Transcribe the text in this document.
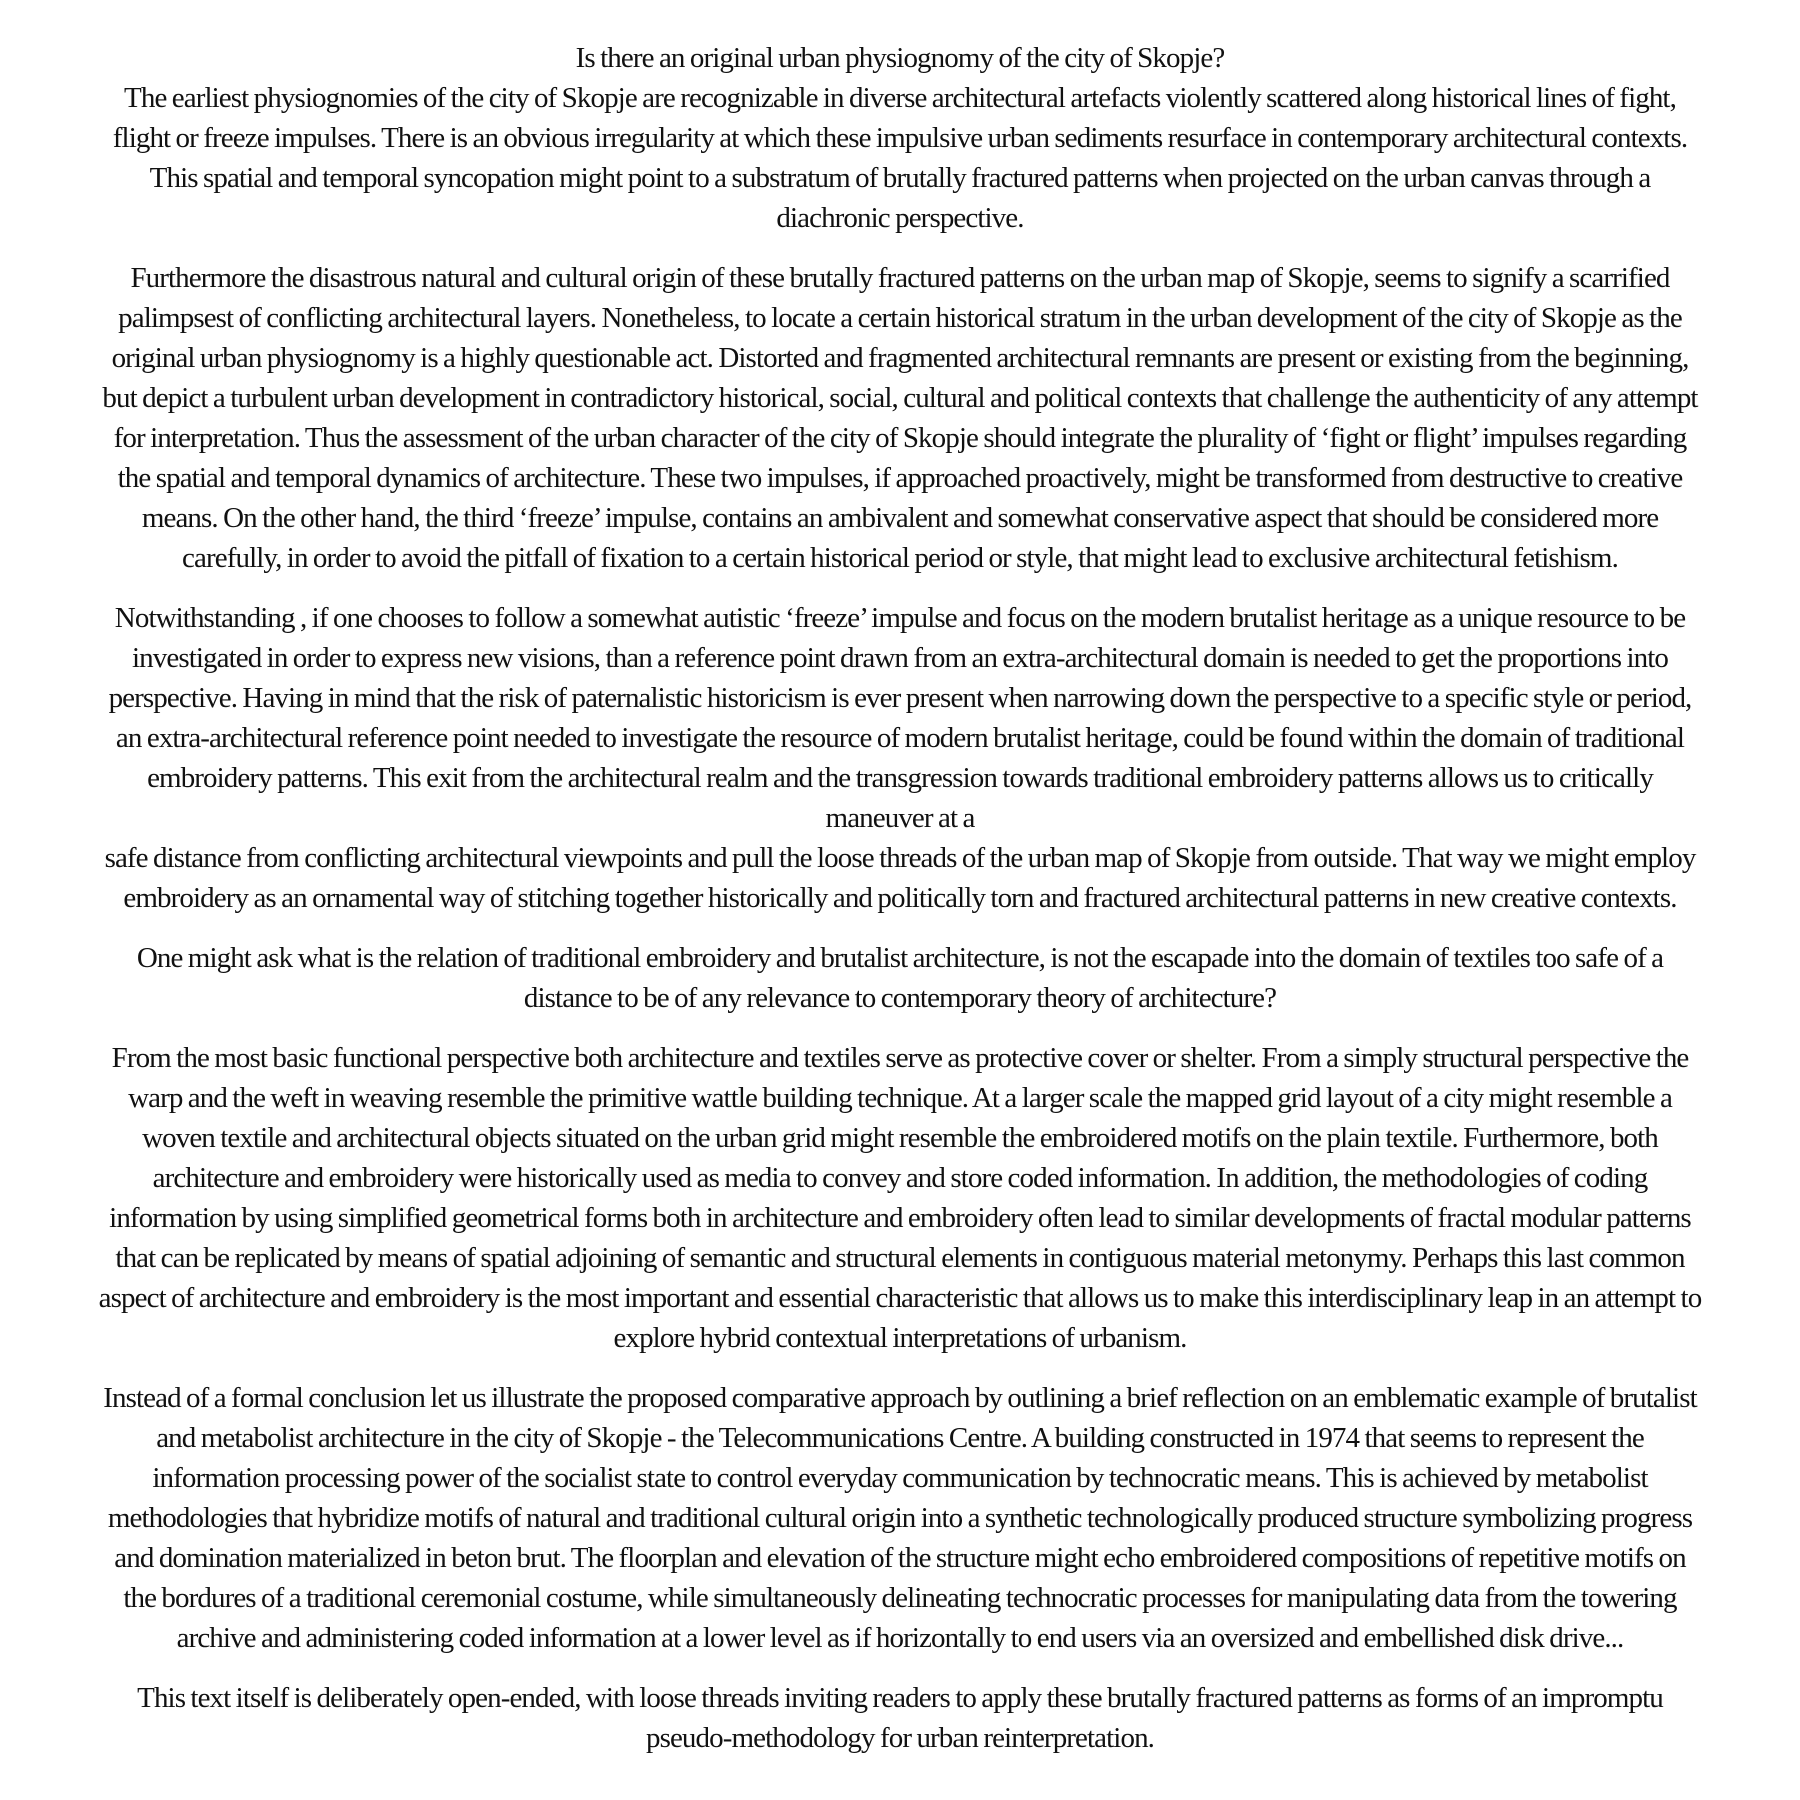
Is there an original urban physiognomy of the city of Skopje?
The earliest physiognomies of the city of Skopje are recognizable in diverse architectural artefacts violently scattered along historical lines of fight,
flight or freeze impulses. There is an obvious irregularity at which these impulsive urban sediments resurface in contemporary architectural contexts.
This spatial and temporal syncopation might point to a substratum of brutally fractured patterns when projected on the urban canvas through a
diachronic perspective.

Furthermore the disastrous natural and cultural origin of these brutally fractured patterns on the urban map of Skopje, seems to signify a scarrified
palimpsest of conflicting architectural layers. Nonetheless, to locate a certain historical stratum in the urban development of the city of Skopje as the
original urban physiognomy is a highly questionable act. Distorted and fragmented architectural remnants are present or existing from the beginning,
but depict a turbulent urban development in contradictory historical, social, cultural and political contexts that challenge the authenticity of any attempt
for interpretation. Thus the assessment of the urban character of the city of Skopje should integrate the plurality of ‘fight or flight’ impulses regarding
the spatial and temporal dynamics of architecture. These two impulses, if approached proactively, might be transformed from destructive to creative
means. On the other hand, the third ‘freeze’ impulse, contains an ambivalent and somewhat conservative aspect that should be considered more
carefully, in order to avoid the pitfall of fixation to a certain historical period or style, that might lead to exclusive architectural fetishism.

Notwithstanding , if one chooses to follow a somewhat autistic ‘freeze’ impulse and focus on the modern brutalist heritage as a unique resource to be
investigated in order to express new visions, than a reference point drawn from an extra-architectural domain is needed to get the proportions into
perspective. Having in mind that the risk of paternalistic historicism is ever present when narrowing down the perspective to a specific style or period,
an extra-architectural reference point needed to investigate the resource of modern brutalist heritage, could be found within the domain of traditional
embroidery patterns. This exit from the architectural realm and the transgression towards traditional embroidery patterns allows us to critically
maneuver at a
safe distance from conflicting architectural viewpoints and pull the loose threads of the urban map of Skopje from outside. That way we might employ
embroidery as an ornamental way of stitching together historically and politically torn and fractured architectural patterns in new creative contexts.

One might ask what is the relation of traditional embroidery and brutalist architecture, is not the escapade into the domain of textiles too safe of a
distance to be of any relevance to contemporary theory of architecture?

From the most basic functional perspective both architecture and textiles serve as protective cover or shelter. From a simply structural perspective the
warp and the weft in weaving resemble the primitive wattle building technique. At a larger scale the mapped grid layout of a city might resemble a
woven textile and architectural objects situated on the urban grid might resemble the embroidered motifs on the plain textile. Furthermore, both
architecture and embroidery were historically used as media to convey and store coded information. In addition, the methodologies of coding
information by using simplified geometrical forms both in architecture and embroidery often lead to similar developments of fractal modular patterns
that can be replicated by means of spatial adjoining of semantic and structural elements in contiguous material metonymy. Perhaps this last common
aspect of architecture and embroidery is the most important and essential characteristic that allows us to make this interdisciplinary leap in an attempt to
explore hybrid contextual interpretations of urbanism.

Instead of a formal conclusion let us illustrate the proposed comparative approach by outlining a brief reflection on an emblematic example of brutalist
and metabolist architecture in the city of Skopje - the Telecommunications Centre. A building constructed in 1974 that seems to represent the
information processing power of the socialist state to control everyday communication by technocratic means. This is achieved by metabolist
methodologies that hybridize motifs of natural and traditional cultural origin into a synthetic technologically produced structure symbolizing progress
and domination materialized in beton brut. The floorplan and elevation of the structure might echo embroidered compositions of repetitive motifs on
the bordures of a traditional ceremonial costume, while simultaneously delineating technocratic processes for manipulating data from the towering
archive and administering coded information at a lower level as if horizontally to end users via an oversized and embellished disk drive...

This text itself is deliberately open-ended, with loose threads inviting readers to apply these brutally fractured patterns as forms of an impromptu
pseudo-methodology for urban reinterpretation.
